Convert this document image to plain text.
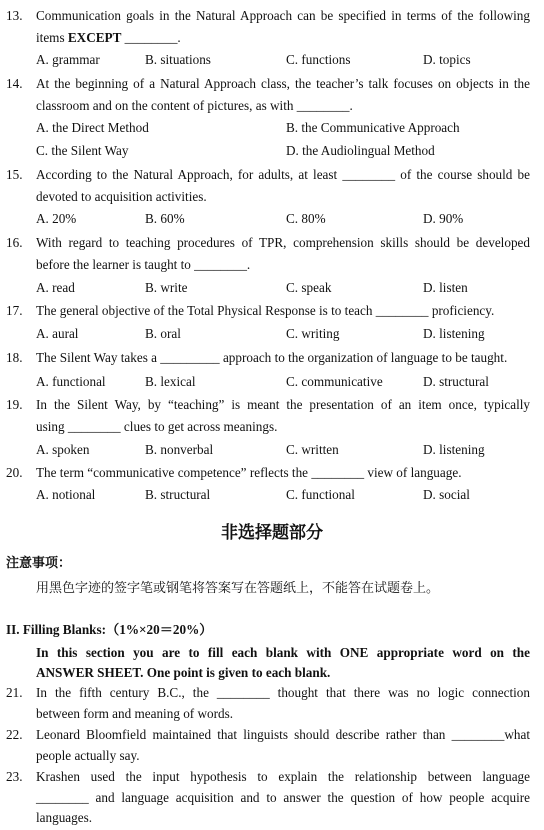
13. Communication goals in the Natural Approach can be specified in terms of the following
items EXCEPT ________.
A. grammar	B. situations	C. functions	D. topics
14. At the beginning of a Natural Approach class, the teacher’s talk focuses on objects in the
classroom and on the content of pictures, as with ________.
A. the Direct Method	B. the Communicative Approach
C. the Silent Way	D. the Audiolingual Method
15. According to the Natural Approach, for adults, at least ________ of the course should be
devoted to acquisition activities.
A. 20%	B. 60%	C. 80%	D. 90%
16. With regard to teaching procedures of TPR, comprehension skills should be developed
before the learner is taught to ________.
A. read	B. write	C. speak	D. listen
17. The general objective of the Total Physical Response is to teach ________ proficiency.
A. aural	B. oral	C. writing	D. listening
18. The Silent Way takes a _________ approach to the organization of language to be taught.
A. functional	B. lexical	C. communicative	D. structural
19. In the Silent Way, by “teaching” is meant the presentation of an item once, typically
using ________ clues to get across meanings.
A. spoken	B. nonverbal	C. written	D. listening
20. The term “communicative competence” reflects the ________ view of language.
A. notional	B. structural	C. functional	D. social
非选择题部分
注意事项：
用黑色字迹的签字笔或钢笔将答案写在答题纸上，不能答在试题卷上。
II. Filling Blanks:（1%×20＝20%）
In this section you are to fill each blank with ONE appropriate word on the
ANSWER SHEET. One point is given to each blank.
21. In the fifth century B.C., the ________ thought that there was no logic connection
between form and meaning of words.
22. Leonard Bloomfield maintained that linguists should describe rather than ________what
people actually say.
23. Krashen used the input hypothesis to explain the relationship between language
________ and language acquisition and to answer the question of how people acquire
languages.
